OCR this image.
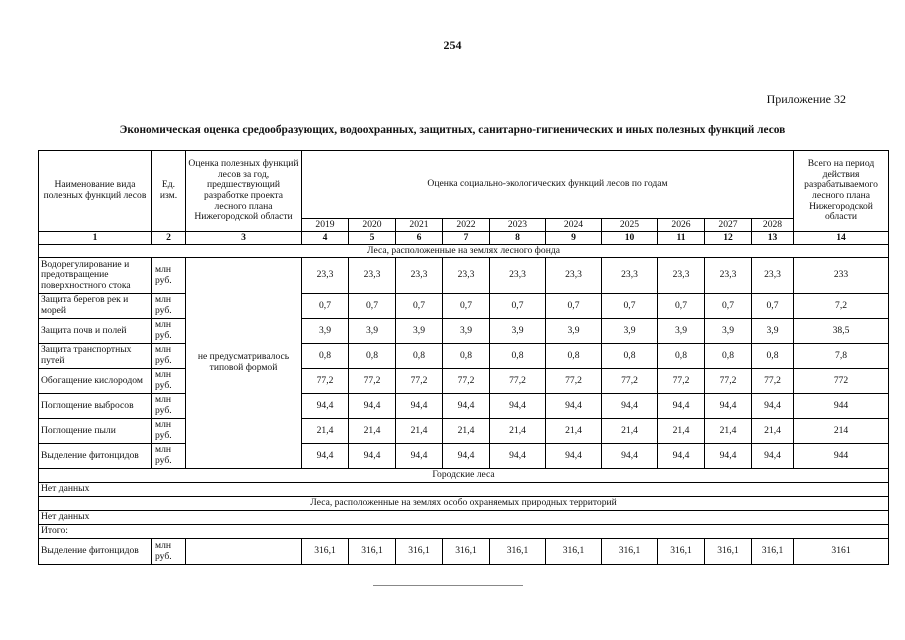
254
Приложение 32
Экономическая оценка средообразующих, водоохранных, защитных, санитарно-гигиенических и иных полезных функций лесов
Наименование вида полезных функций лесов	Ед. изм.	Оценка полезных функций лесов за год, предшествующий разработке проекта лесного плана Нижегородской области	Оценка социально-экологических функций лесов по годам										Всего на период действия разрабатываемого лесного плана Нижегородской области
			2019	2020	2021	2022	2023	2024	2025	2026	2027	2028	
1	2	3	4	5	6	7	8	9	10	11	12	13	14
Леса, расположенные на землях лесного фонда													
Водорегулирование и предотвращение поверхностного стока	млн руб.	не предусматривалось типовой формой	23,3	23,3	23,3	23,3	23,3	23,3	23,3	23,3	23,3	23,3	233
Защита берегов рек и морей	млн руб.		0,7	0,7	0,7	0,7	0,7	0,7	0,7	0,7	0,7	0,7	7,2
Защита почв и полей	млн руб.		3,9	3,9	3,9	3,9	3,9	3,9	3,9	3,9	3,9	3,9	38,5
Защита транспортных путей	млн руб.		0,8	0,8	0,8	0,8	0,8	0,8	0,8	0,8	0,8	0,8	7,8
Обогащение кислородом	млн руб.		77,2	77,2	77,2	77,2	77,2	77,2	77,2	77,2	77,2	77,2	772
Поглощение выбросов	млн руб.		94,4	94,4	94,4	94,4	94,4	94,4	94,4	94,4	94,4	94,4	944
Поглощение пыли	млн руб.		21,4	21,4	21,4	21,4	21,4	21,4	21,4	21,4	21,4	21,4	214
Выделение фитонцидов	млн руб.		94,4	94,4	94,4	94,4	94,4	94,4	94,4	94,4	94,4	94,4	944
Городские леса													
Нет данных													
Леса, расположенные на землях особо охраняемых природных территорий													
Нет данных													
Итого:													
Выделение фитонцидов	млн руб.		316,1	316,1	316,1	316,1	316,1	316,1	316,1	316,1	316,1	316,1	3161
